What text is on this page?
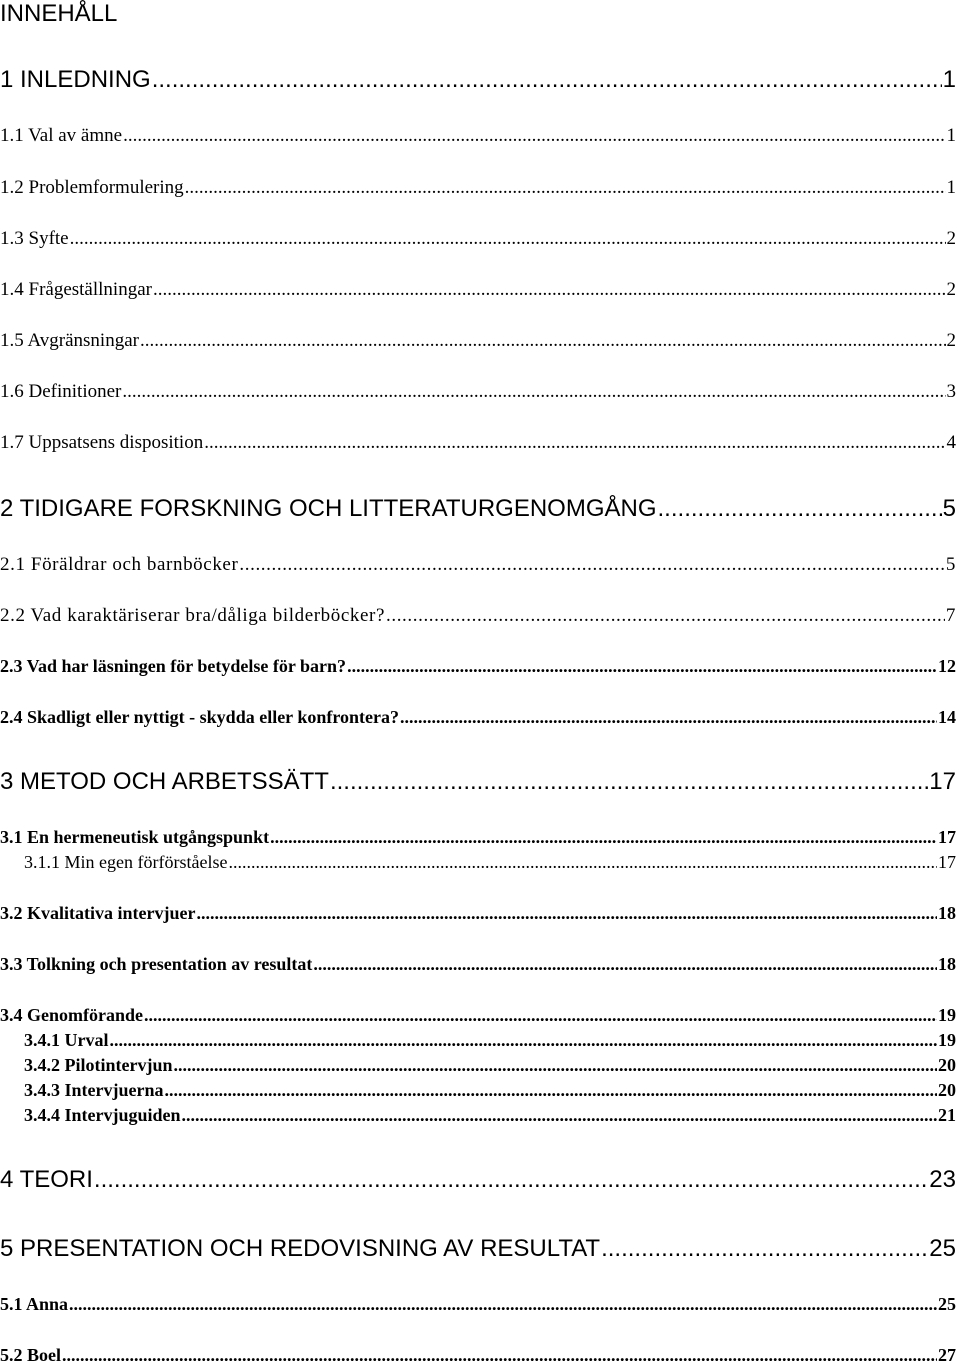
INNEHÅLL
1 INLEDNING .....	1
1.1 Val av ämne .....	1
1.2 Problemformulering .....	1
1.3 Syfte .....	2
1.4 Frågeställningar .....	2
1.5 Avgränsningar .....	2
1.6 Definitioner .....	3
1.7 Uppsatsens disposition .....	4
2 TIDIGARE FORSKNING OCH LITTERATURGENOMGÅNG .....	5
2.1 Föräldrar och barnböcker .....	5
2.2 Vad karaktäriserar bra/dåliga bilderböcker? .....	7
2.3 Vad har läsningen för betydelse för barn? .....	12
2.4 Skadligt eller nyttigt - skydda eller konfrontera? .....	14
3 METOD OCH ARBETSSÄTT .....	17
3.1 En hermeneutisk utgångspunkt .....	17
3.1.1 Min egen förförståelse .....	17
3.2 Kvalitativa intervjuer .....	18
3.3 Tolkning och presentation av resultat .....	18
3.4 Genomförande .....	19
3.4.1 Urval .....	19
3.4.2 Pilotintervjun .....	20
3.4.3 Intervjuerna .....	20
3.4.4 Intervjuguiden .....	21
4 TEORI .....	23
5 PRESENTATION OCH REDOVISNING AV RESULTAT .....	25
5.1 Anna .....	25
5.2 Boel .....	27
